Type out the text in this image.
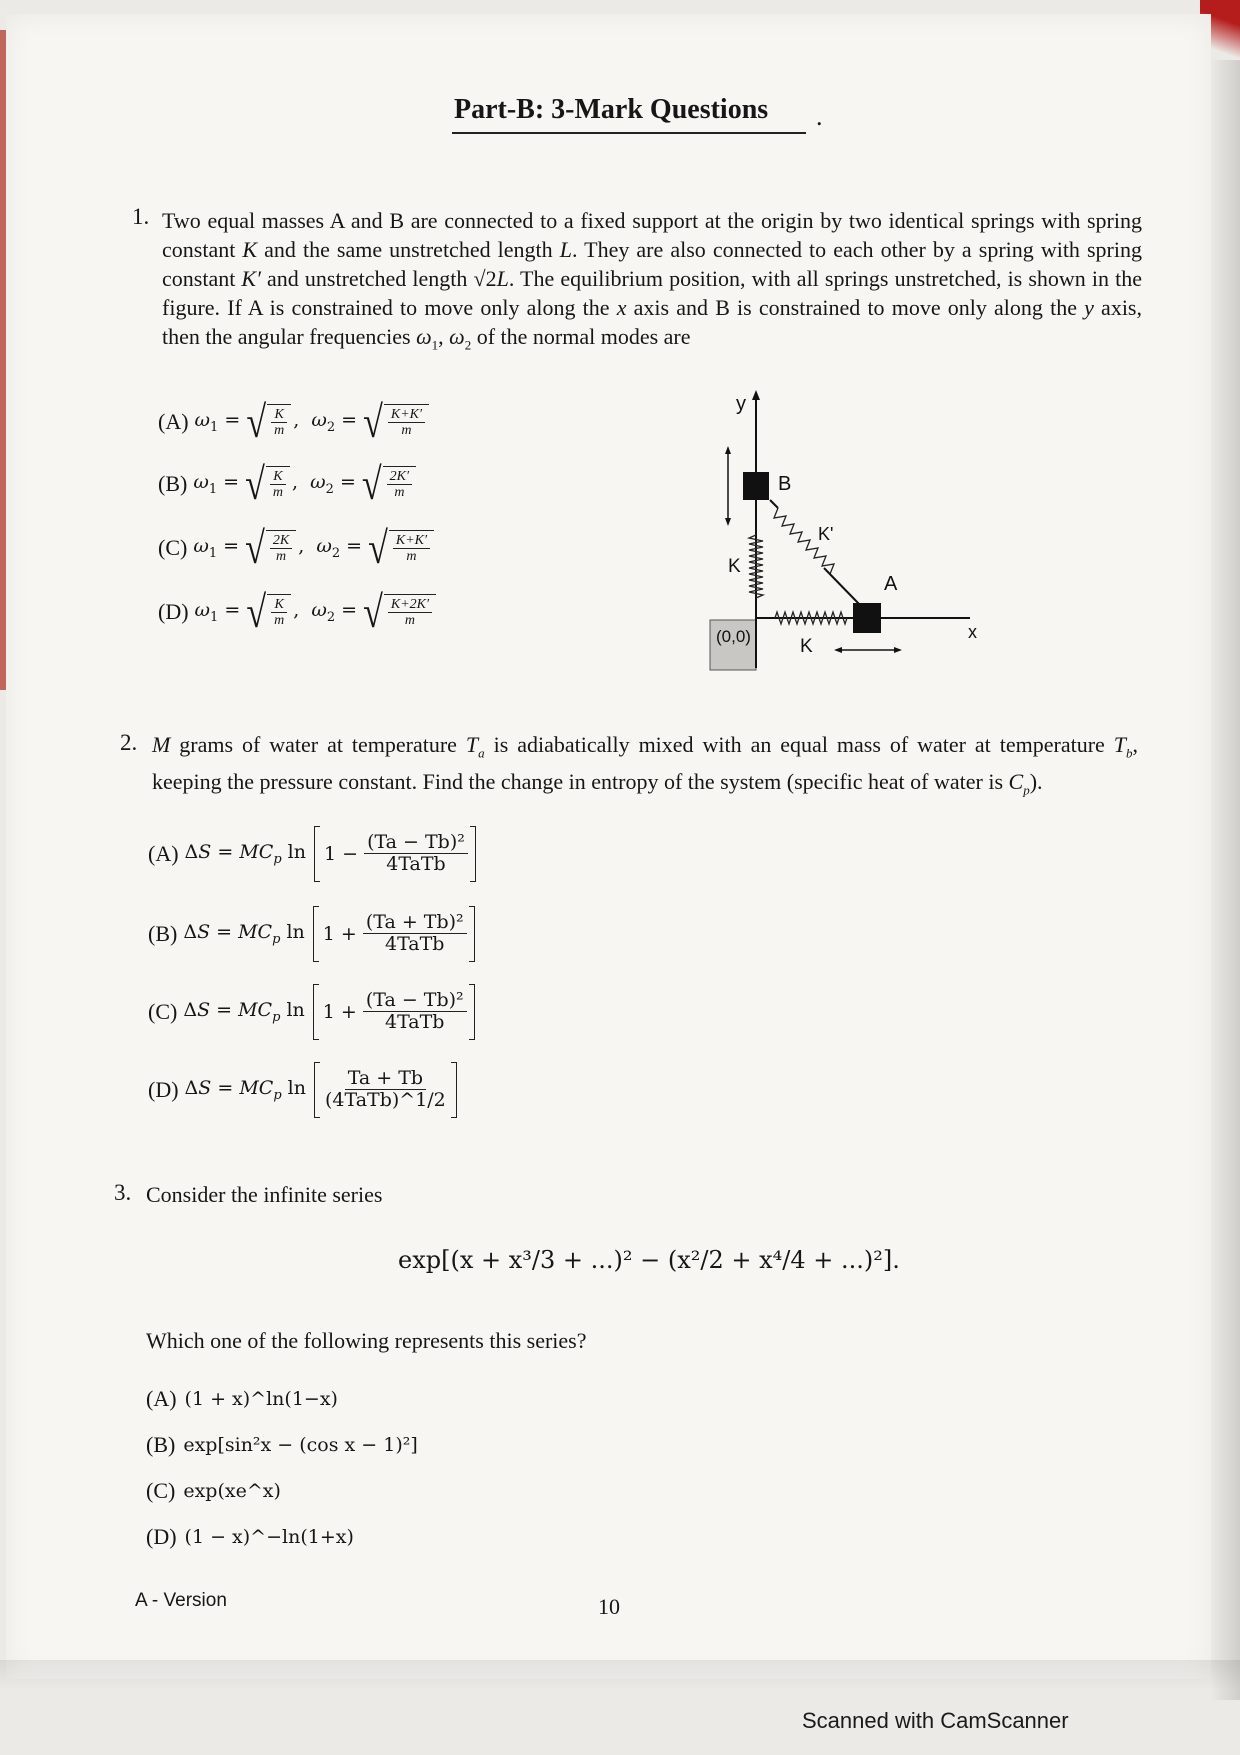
Part-B: 3-Mark Questions	.
1. Two equal masses A and B are connected to a fixed support at the origin by two identical springs with spring constant K and the same unstretched length L. They are also connected to each other by a spring with spring constant K′ and unstretched length √2L. The equilibrium position, with all springs unstretched, is shown in the figure. If A is constrained to move only along the x axis and B is constrained to move only along the y axis, then the angular frequencies $\omega_1$, $\omega_2$ of the normal modes are
(A) $\omega_1$ = √ $\frac{K}{m}$ ,  $\omega_2$ = √ $\frac{K+K'}{m}$
(B) $\omega_1$ = √ $\frac{K}{m}$ ,  $\omega_2$ = √ $\frac{2K'}{m}$
(C) $\omega_1$ = √ $\frac{2K}{m}$ ,  $\omega_2$ = √ $\frac{K+K'}{m}$
(D) $\omega_1$ = √ $\frac{K}{m}$ ,  $\omega_2$ = √ $\frac{K+2K'}{m}$
y
x
(0,0)
B
A
K'
K
K
2. M grams of water at temperature $T_a$ is adiabatically mixed with an equal mass of water at temperature $T_b$, keeping the pressure constant. Find the change in entropy of the system (specific heat of water is $C_p$).
(A) $\Delta S = MC_p$ $\ln 1 - \frac{\text{(Ta − Tb)²}}{\text{4TaTb}}$
(B) $\Delta S = MC_p$ $\ln 1 + \frac{\text{(Ta + Tb)²}}{\text{4TaTb}}$
(C) $\Delta S = MC_p$ $\ln 1 + \frac{\text{(Ta − Tb)²}}{\text{4TaTb}}$
(D) $\Delta S = MC_p$ $\ln \frac{Ta + Tb}{\text{(4TaTb)\textasciicircum{}1/2}}$
3. Consider the infinite series
exp[(x + x³/3 + ...)² − (x²/2 + x⁴/4 + ...)²].
Which one of the following represents this series?
(A) (1 + x)^ln(1−x)
(B) exp[sin²x − (cos x − 1)²]
(C) exp(xe^x)
(D) (1 − x)^−ln(1+x)
A - Version	10
Scanned with CamScanner
